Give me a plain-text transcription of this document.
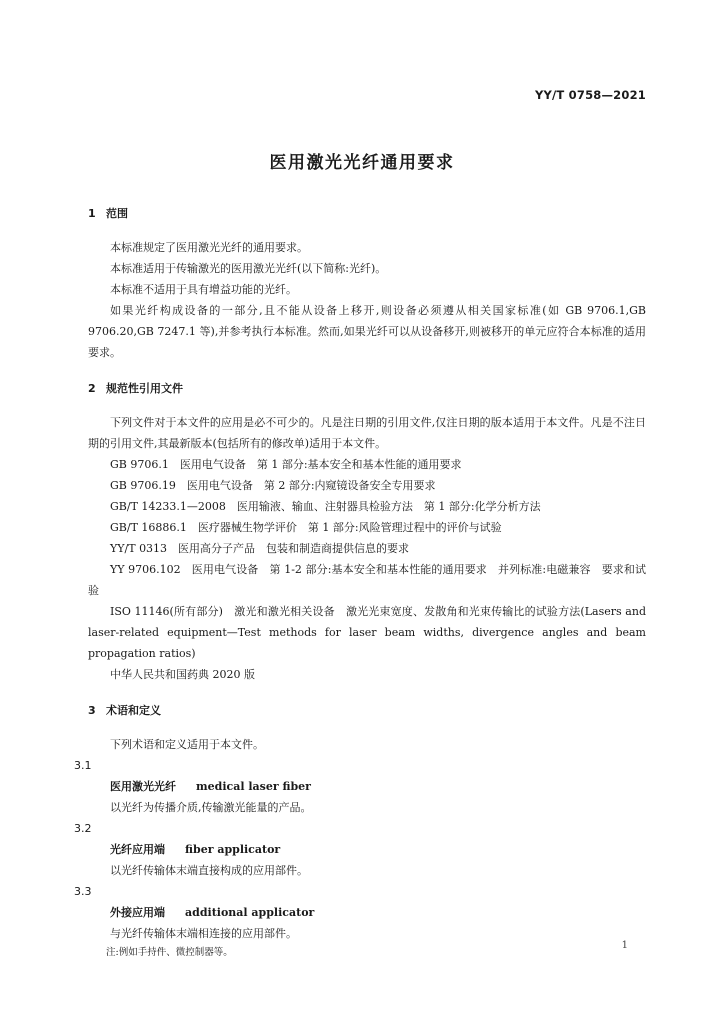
YY/T 0758—2021
医用激光光纤通用要求
1 范围

本标准规定了医用激光光纤的通用要求。

本标准适用于传输激光的医用激光光纤(以下简称:光纤)。

本标准不适用于具有增益功能的光纤。

如果光纤构成设备的一部分,且不能从设备上移开,则设备必须遵从相关国家标准(如 GB 9706.1,GB 9706.20,GB 7247.1 等),并参考执行本标准。然而,如果光纤可以从设备移开,则被移开的单元应符合本标准的适用要求。

2 规范性引用文件

下列文件对于本文件的应用是必不可少的。凡是注日期的引用文件,仅注日期的版本适用于本文件。凡是不注日期的引用文件,其最新版本(包括所有的修改单)适用于本文件。

GB 9706.1　医用电气设备　第 1 部分:基本安全和基本性能的通用要求

GB 9706.19　医用电气设备　第 2 部分:内窥镜设备安全专用要求

GB/T 14233.1—2008　医用输液、输血、注射器具检验方法　第 1 部分:化学分析方法

GB/T 16886.1　医疗器械生物学评价　第 1 部分:风险管理过程中的评价与试验

YY/T 0313　医用高分子产品　包装和制造商提供信息的要求

YY 9706.102　医用电气设备　第 1-2 部分:基本安全和基本性能的通用要求　并列标准:电磁兼容　要求和试验

ISO 11146(所有部分)　激光和激光相关设备　激光光束宽度、发散角和光束传输比的试验方法(Lasers and laser-related equipment—Test methods for laser beam widths, divergence angles and beam propagation ratios)

中华人民共和国药典 2020 版

3 术语和定义

下列术语和定义适用于本文件。

3.1

医用激光光纤 medical laser fiber

以光纤为传播介质,传输激光能量的产品。

3.2

光纤应用端 fiber applicator

以光纤传输体末端直接构成的应用部件。

3.3

外接应用端 additional applicator

与光纤传输体末端相连接的应用部件。

注:例如手持件、微控制器等。

1
